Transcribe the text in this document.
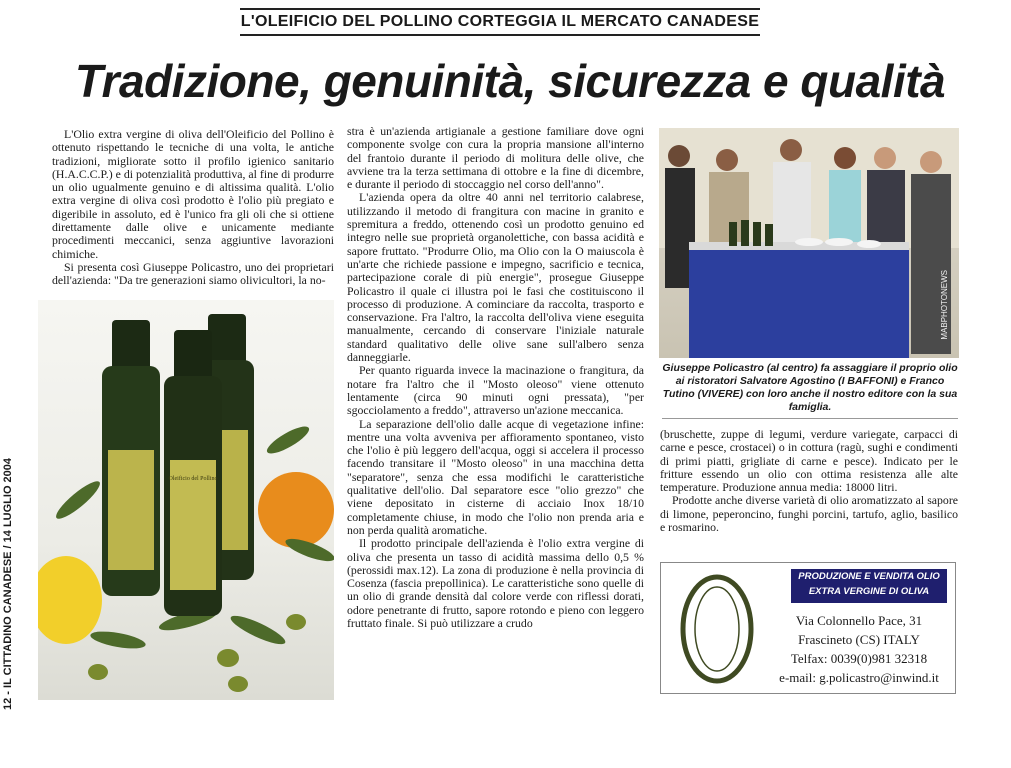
L'OLEIFICIO DEL POLLINO CORTEGGIA IL MERCATO CANADESE
Tradizione, genuinità, sicurezza e qualità
12 - IL CITTADINO CANADESE / 14 LUGLIO 2004

L'Olio extra vergine di oliva dell'Oleificio del Pollino è ottenuto rispettando le tecniche di una volta, le antiche tradizioni, migliorate sotto il profilo igienico sanitario (H.A.C.C.P.) e di potenzialità produttiva, al fine di produrre un olio ugualmente genuino e di altissima qualità. L'olio extra vergine di oliva così prodotto è l'olio più pregiato e digeribile in assoluto, ed è l'unico fra gli oli che si ottiene direttamente dalle olive e unicamente mediante procedimenti meccanici, senza aggiuntive lavorazioni chimiche.

Si presenta così Giuseppe Policastro, uno dei proprietari dell'azienda: "Da tre generazioni siamo olivicultori, la no-

Oleificio del Pollino

stra è un'azienda artigianale a gestione familiare dove ogni componente svolge con cura la propria mansione all'interno del frantoio durante il periodo di molitura delle olive, che avviene tra la terza settimana di ottobre e la fine di dicembre, e durante il periodo di stoccaggio nel corso dell'anno".

L'azienda opera da oltre 40 anni nel territorio calabrese, utilizzando il metodo di frangitura con macine in granito e spremitura a freddo, ottenendo così un prodotto genuino ed integro nelle sue proprietà organolettiche, con bassa acidità e sapore fruttato. "Produrre Olio, ma Olio con la O maiuscola è un'arte che richiede passione e impegno, sacrificio e tecnica, partecipazione corale di più energie", prosegue Giuseppe Policastro il quale ci illustra poi le fasi che costituiscono il processo di produzione. A cominciare da raccolta, trasporto e conservazione. Fra l'altro, la raccolta dell'oliva viene eseguita manualmente, cercando di conservare l'iniziale naturale standard qualitativo delle olive sane sull'albero senza danneggiarle.

Per quanto riguarda invece la macinazione o frangitura, da notare fra l'altro che il "Mosto oleoso" viene ottenuto lentamente (circa 90 minuti ogni pressata), "per sgocciolamento a freddo", attraverso un'azione meccanica.

La separazione dell'olio dalle acque di vegetazione infine: mentre una volta avveniva per affioramento spontaneo, visto che l'olio è più leggero dell'acqua, oggi si accelera il processo facendo transitare il "Mosto oleoso" in una macchina detta "separatore", senza che essa modifichi le caratteristiche qualitative dell'olio. Dal separatore esce "olio grezzo" che viene depositato in cisterne di acciaio Inox 18/10 completamente chiuse, in modo che l'olio non prenda aria e non perda qualità aromatiche.

Il prodotto principale dell'azienda è l'olio extra vergine di oliva che presenta un tasso di acidità massima dello 0,5 % (perossidi max.12). La zona di produzione è nella provincia di Cosenza (fascia prepollinica). Le caratteristiche sono quelle di un olio di grande densità dal colore verde con riflessi dorati, odore penetrante di frutto, sapore rotondo e pieno con leggero fruttato finale. Si può utilizzare a crudo

MABPHOTONEWS
Giuseppe Policastro (al centro) fa assaggiare il proprio olio ai ristoratori Salvatore Agostino (I BAFFONI) e Franco Tutino (VIVERE) con loro anche il nostro editore con la sua famiglia.

(bruschette, zuppe di legumi, verdure variegate, carpacci di carne e pesce, crostacei) o in cottura (ragù, sughi e condimenti di primi piatti, grigliate di carne e pesce). Indicato per le fritture essendo un olio con ottima resistenza alle alte temperature. Produzione annua media: 18000 litri.

Prodotte anche diverse varietà di olio aromatizzato al sapore di limone, peperoncino, funghi porcini, tartufo, aglio, basilico e rosmarino.

PRODUZIONE E VENDITA OLIO EXTRA VERGINE DI OLIVA
Via Colonnello Pace, 31
Frascineto (CS) ITALY
Telfax: 0039(0)981 32318
e-mail: g.policastro@inwind.it
